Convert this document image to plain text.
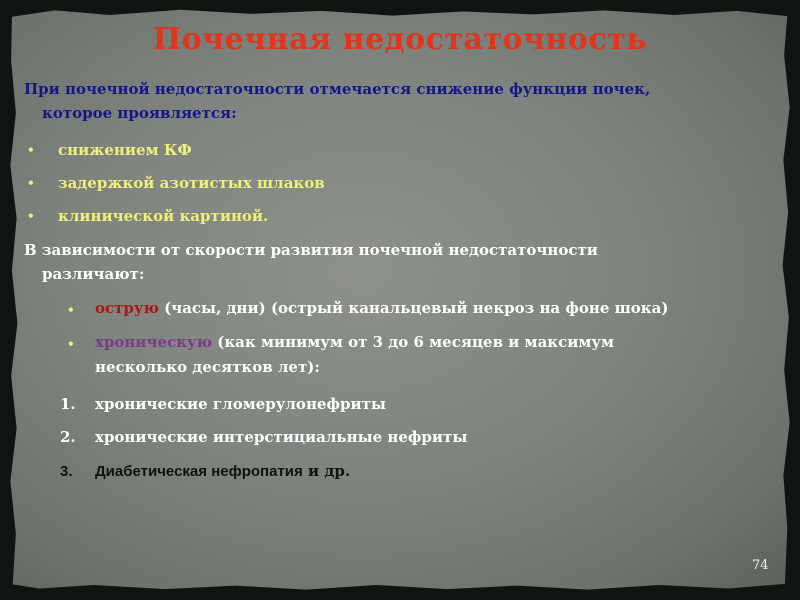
Почечная недостаточность
При почечной недостаточности отмечается снижение функции почек,
которое проявляется:
• снижением КФ
• задержкой азотистых шлаков
• клинической картиной.
В зависимости от скорости развития почечной недостаточности
различают:
• острую (часы, дни) (острый канальцевый некроз на фоне шока)
• хроническую (как минимум от 3 до 6 месяцев и максимум
несколько десятков лет):
1. хронические гломерулонефриты
2. хронические интерстициальные нефриты
3. Диабетическая нефропатия и др.
74
